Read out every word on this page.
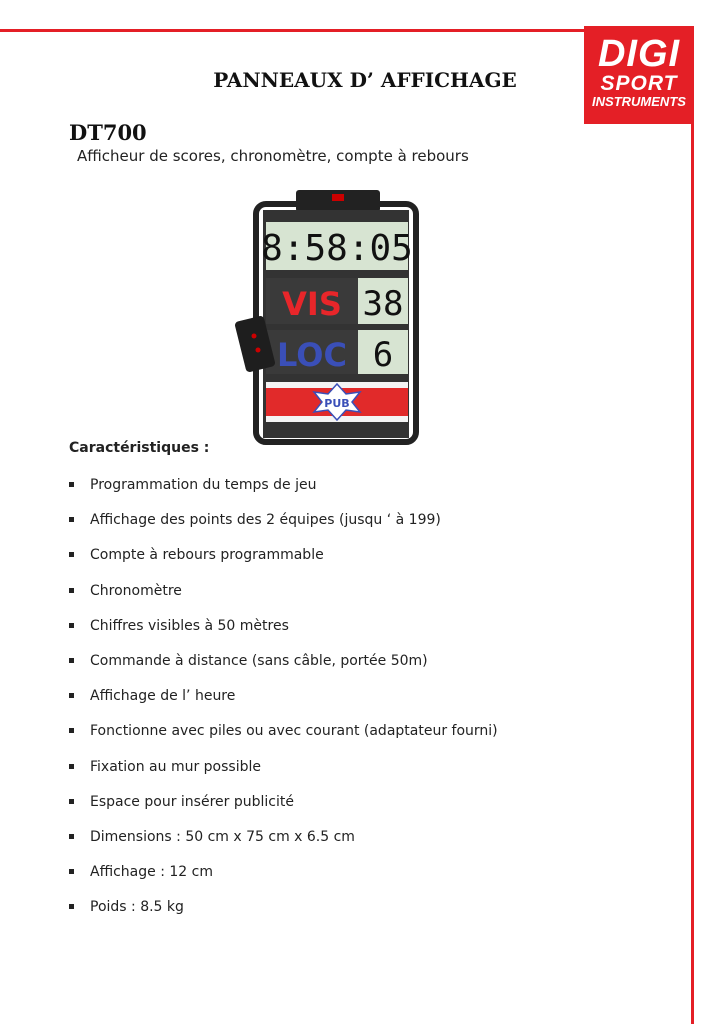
DIGI
SPORT
INSTRUMENTS
PANNEAUX D’ AFFICHAGE
DT700
Afficheur de scores, chronomètre, compte à rebours
8:58:05
VIS 38
LOC 6
PUB
Caractéristiques :
Programmation du temps de jeu
Affichage des points des 2 équipes (jusqu ‘ à 199)
Compte à rebours programmable
Chronomètre
Chiffres visibles à 50 mètres
Commande à distance (sans câble, portée 50m)
Affichage de l’ heure
Fonctionne avec piles ou avec courant (adaptateur fourni)
Fixation au mur possible
Espace pour insérer publicité
Dimensions : 50 cm x 75 cm x 6.5 cm
Affichage : 12 cm
Poids : 8.5 kg
